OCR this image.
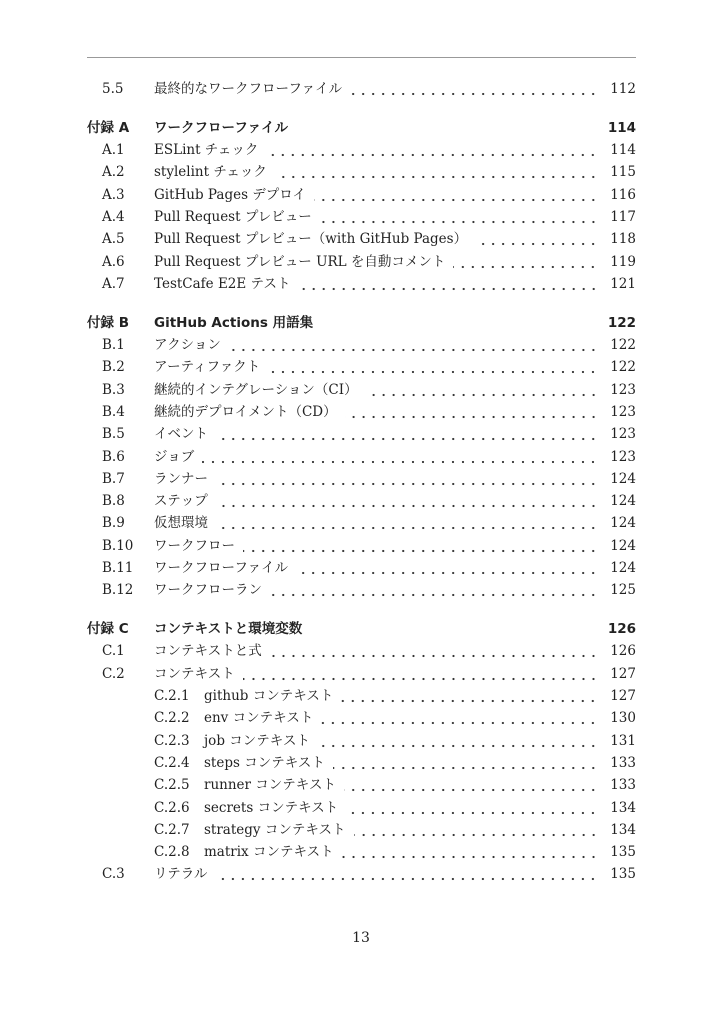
5.5	最終的なワークフローファイル	112
付録 A	ワークフローファイル	114
A.1	ESLint チェック	114
A.2	stylelint チェック	115
A.3	GitHub Pages デプロイ	116
A.4	Pull Request プレビュー	117
A.5	Pull Request プレビュー（with GitHub Pages）	118
A.6	Pull Request プレビュー URL を自動コメント	119
A.7	TestCafe E2E テスト	121
付録 B	GitHub Actions 用語集	122
B.1	アクション	122
B.2	アーティファクト	122
B.3	継続的インテグレーション（CI）	123
B.4	継続的デプロイメント（CD）	123
B.5	イベント	123
B.6	ジョブ	123
B.7	ランナー	124
B.8	ステップ	124
B.9	仮想環境	124
B.10	ワークフロー	124
B.11	ワークフローファイル	124
B.12	ワークフローラン	125
付録 C	コンテキストと環境変数	126
C.1	コンテキストと式	126
C.2	コンテキスト	127
C.2.1	github コンテキスト	127
C.2.2	env コンテキスト	130
C.2.3	job コンテキスト	131
C.2.4	steps コンテキスト	133
C.2.5	runner コンテキスト	133
C.2.6	secrets コンテキスト	134
C.2.7	strategy コンテキスト	134
C.2.8	matrix コンテキスト	135
C.3	リテラル	135
13
